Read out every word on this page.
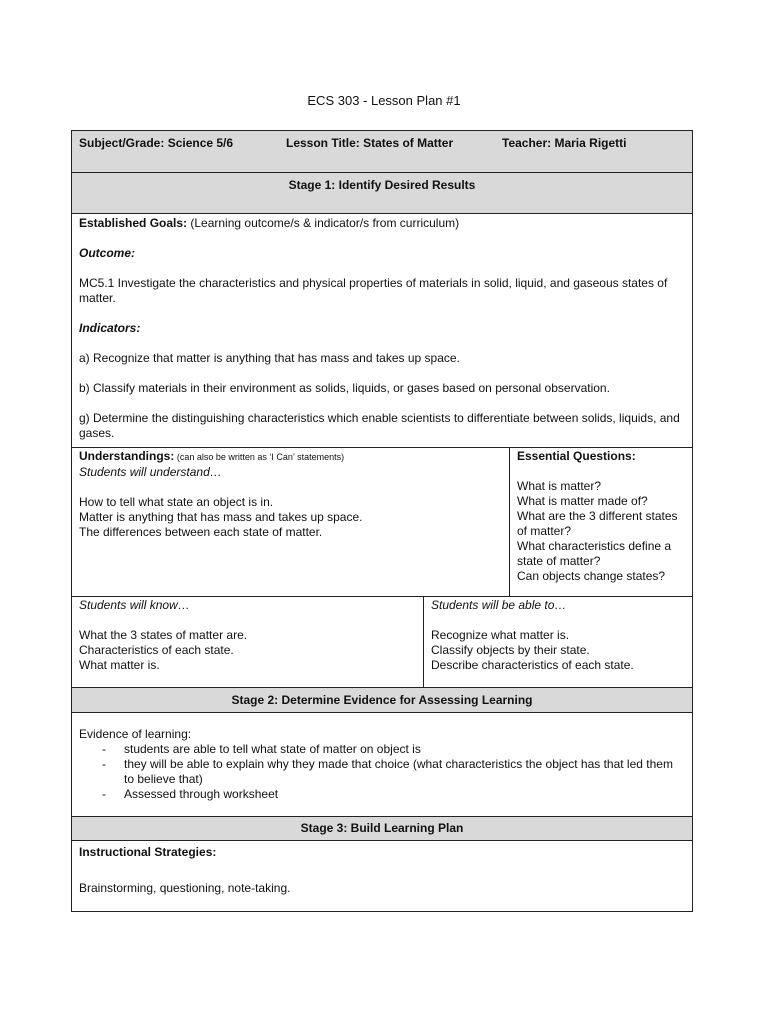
ECS 303 - Lesson Plan #1
Subject/Grade: Science 5/6	Lesson Title: States of Matter	Teacher: Maria Rigetti
Stage 1: Identify Desired Results

Established Goals: (Learning outcome/s & indicator/s from curriculum)

Outcome:

MC5.1 Investigate the characteristics and physical properties of materials in solid, liquid, and gaseous states of matter.

Indicators:

a) Recognize that matter is anything that has mass and takes up space.

b) Classify materials in their environment as solids, liquids, or gases based on personal observation.

g) Determine the distinguishing characteristics which enable scientists to differentiate between solids, liquids, and gases.

Understandings: (can also be written as ‘I Can’ statements)

Students will understand…

How to tell what state an object is in.

Matter is anything that has mass and takes up space.

The differences between each state of matter.

Essential Questions:

What is matter?

What is matter made of?

What are the 3 different states of matter?

What characteristics define a state of matter?

Can objects change states?

Students will know…

What the 3 states of matter are.

Characteristics of each state.

What matter is.

Students will be able to…

Recognize what matter is.

Classify objects by their state.

Describe characteristics of each state.

Stage 2: Determine Evidence for Assessing Learning

Evidence of learning:

- students are able to tell what state of matter on object is
- they will be able to explain why they made that choice (what characteristics the object has that led them to believe that)
- Assessed through worksheet
Stage 3: Build Learning Plan

Instructional Strategies:

Brainstorming, questioning, note-taking.
